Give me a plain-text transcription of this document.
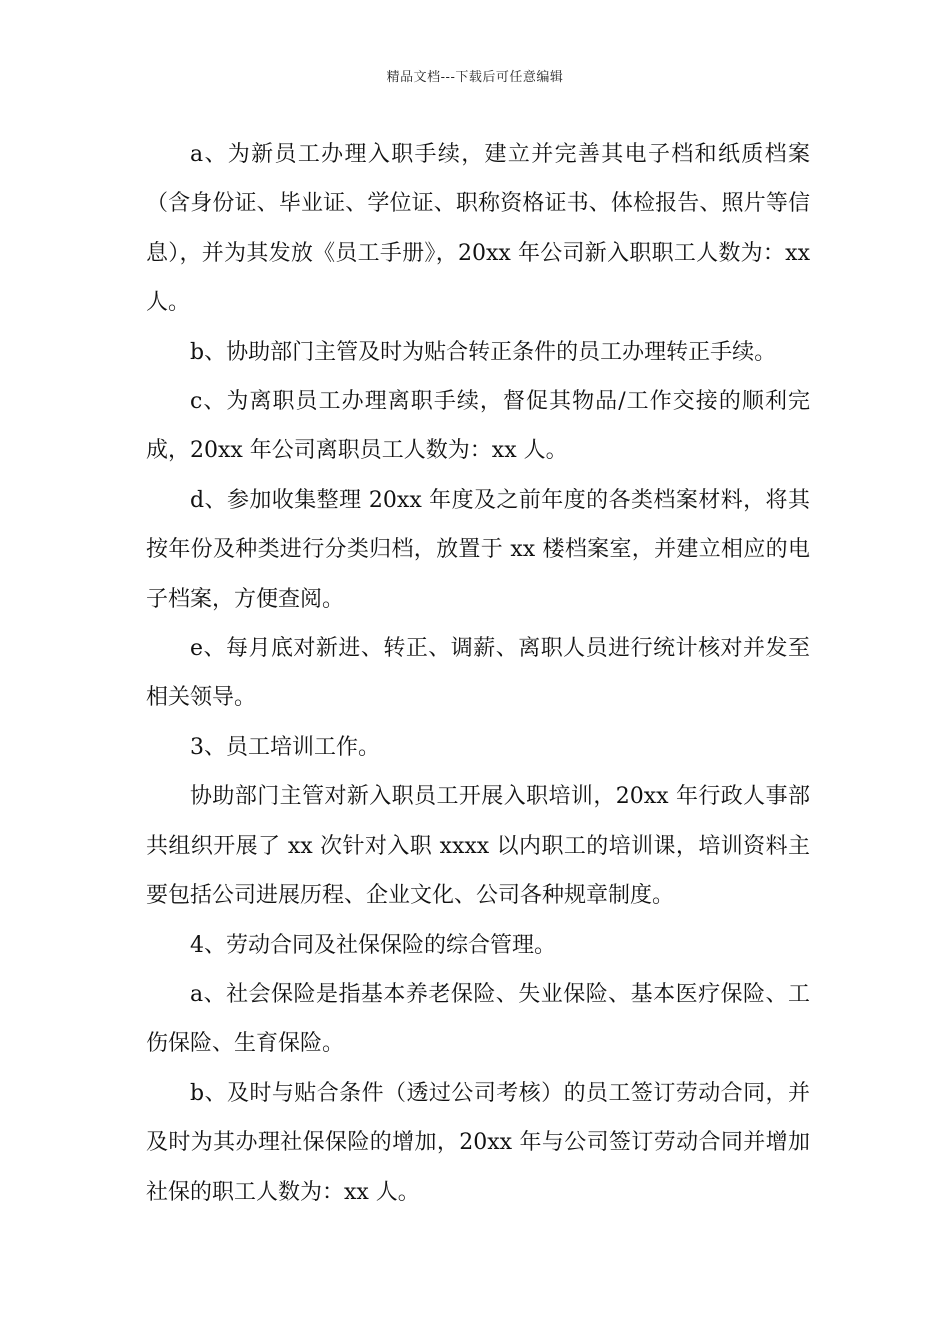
精品文档---下载后可任意编辑

a、为新员工办理入职手续，建立并完善其电子档和纸质档案（含身份证、毕业证、学位证、职称资格证书、体检报告、照片等信息），并为其发放《员工手册》，20xx 年公司新入职职工人数为：xx 人。

b、协助部门主管及时为贴合转正条件的员工办理转正手续。

c、为离职员工办理离职手续，督促其物品/工作交接的顺利完成，20xx 年公司离职员工人数为：xx 人。

d、参加收集整理 20xx 年度及之前年度的各类档案材料，将其按年份及种类进行分类归档，放置于 xx 楼档案室，并建立相应的电子档案，方便查阅。

e、每月底对新进、转正、调薪、离职人员进行统计核对并发至相关领导。

3、员工培训工作。

协助部门主管对新入职员工开展入职培训，20xx 年行政人事部共组织开展了 xx 次针对入职 xxxx 以内职工的培训课，培训资料主要包括公司进展历程、企业文化、公司各种规章制度。

4、劳动合同及社保保险的综合管理。

a、社会保险是指基本养老保险、失业保险、基本医疗保险、工伤保险、生育保险。

b、及时与贴合条件（透过公司考核）的员工签订劳动合同，并及时为其办理社保保险的增加，20xx 年与公司签订劳动合同并增加社保的职工人数为：xx 人。
